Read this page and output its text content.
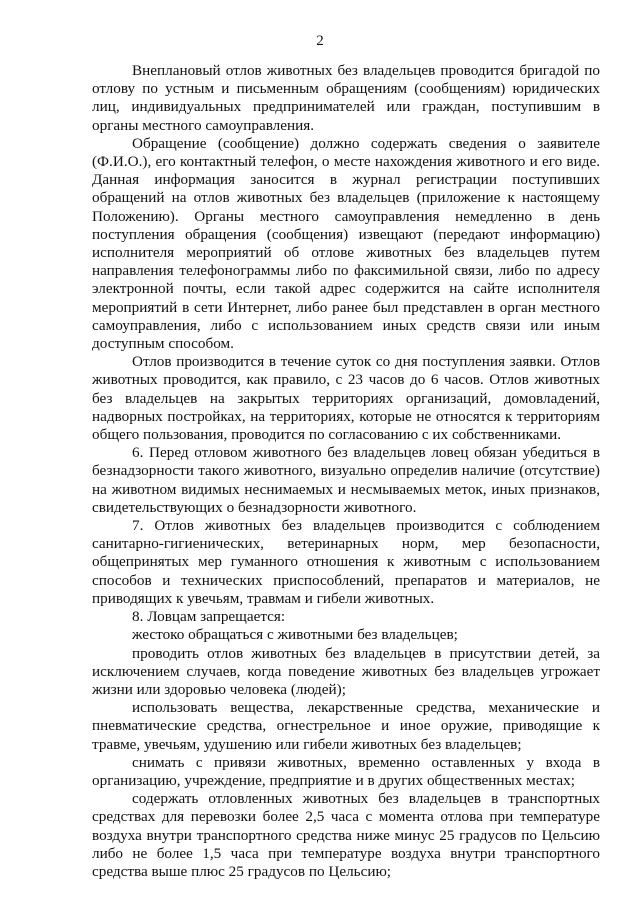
2

Внеплановый отлов животных без владельцев проводится бригадой по отлову по устным и письменным обращениям (сообщениям) юридических лиц, индивидуальных предпринимателей или граждан, поступившим в органы местного самоуправления.

Обращение (сообщение) должно содержать сведения о заявителе (Ф.И.О.), его контактный телефон, о месте нахождения животного и его виде. Данная информация заносится в журнал регистрации поступивших обращений на отлов животных без владельцев (приложение к настоящему Положению). Органы местного самоуправления немедленно в день поступления обращения (сообщения) извещают (передают информацию) исполнителя мероприятий об отлове животных без владельцев путем направления телефонограммы либо по факсимильной связи, либо по адресу электронной почты, если такой адрес содержится на сайте исполнителя мероприятий в сети Интернет, либо ранее был представлен в орган местного самоуправления, либо с использованием иных средств связи или иным доступным способом.

Отлов производится в течение суток со дня поступления заявки. Отлов животных проводится, как правило, с 23 часов до 6 часов. Отлов животных без владельцев на закрытых территориях организаций, домовладений, надворных постройках, на территориях, которые не относятся к территориям общего пользования, проводится по согласованию с их собственниками.

6. Перед отловом животного без владельцев ловец обязан убедиться в безнадзорности такого животного, визуально определив наличие (отсутствие) на животном видимых неснимаемых и несмываемых меток, иных признаков, свидетельствующих о безнадзорности животного.

7. Отлов животных без владельцев производится с соблюдением санитарно-гигиенических, ветеринарных норм, мер безопасности, общепринятых мер гуманного отношения к животным с использованием способов и технических приспособлений, препаратов и материалов, не приводящих к увечьям, травмам и гибели животных.

8. Ловцам запрещается:

жестоко обращаться с животными без владельцев;

проводить отлов животных без владельцев в присутствии детей, за исключением случаев, когда поведение животных без владельцев угрожает жизни или здоровью человека (людей);

использовать вещества, лекарственные средства, механические и пневматические средства, огнестрельное и иное оружие, приводящие к травме, увечьям, удушению или гибели животных без владельцев;

снимать с привязи животных, временно оставленных у входа в организацию, учреждение, предприятие и в других общественных местах;

содержать отловленных животных без владельцев в транспортных средствах для перевозки более 2,5 часа с момента отлова при температуре воздуха внутри транспортного средства ниже минус 25 градусов по Цельсию либо не более 1,5 часа при температуре воздуха внутри транспортного средства выше плюс 25 градусов по Цельсию;
